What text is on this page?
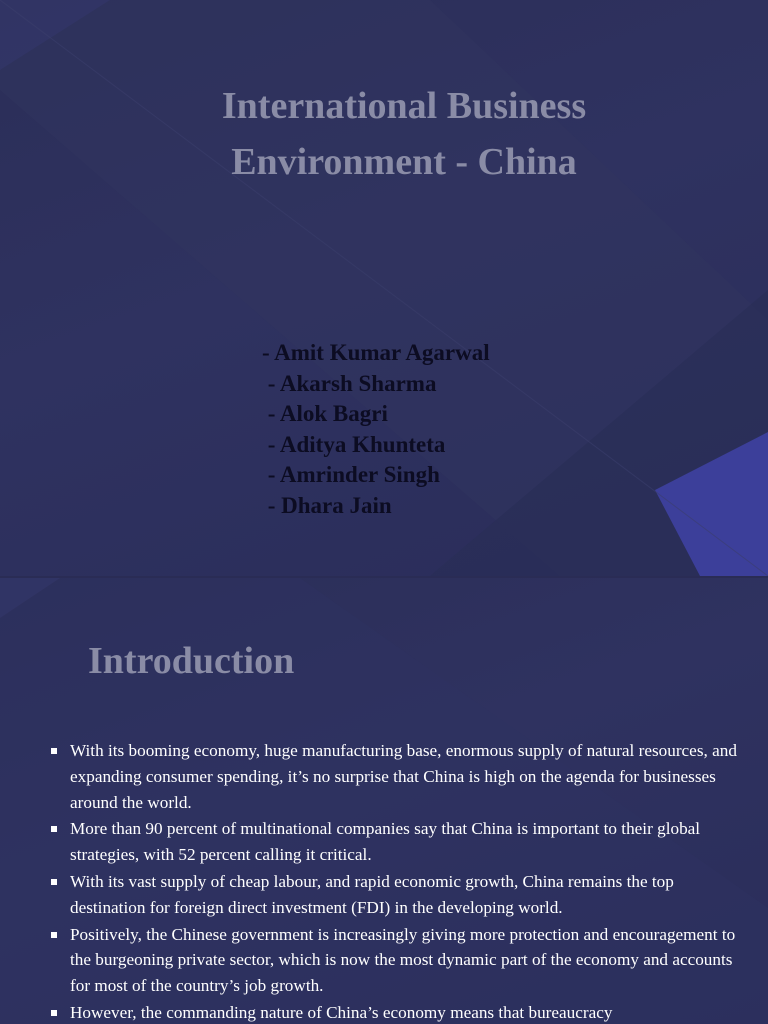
International Business
Environment - China
- Amit Kumar Agarwal
- Akarsh Sharma
- Alok Bagri
- Aditya Khunteta
- Amrinder Singh
- Dhara Jain
Introduction
With its booming economy, huge manufacturing base, enormous supply of natural resources, and expanding consumer spending, it’s no surprise that China is high on the agenda for businesses around the world.
More than 90 percent of multinational companies say that China is important to their global strategies, with 52 percent calling it critical.
With its vast supply of cheap labour, and rapid economic growth, China remains the top destination for foreign direct investment (FDI) in the developing world.
Positively, the Chinese government is increasingly giving more protection and encouragement to the burgeoning private sector, which is now the most dynamic part of the economy and accounts for most of the country’s job growth.
However, the commanding nature of China’s economy means that bureaucracy
